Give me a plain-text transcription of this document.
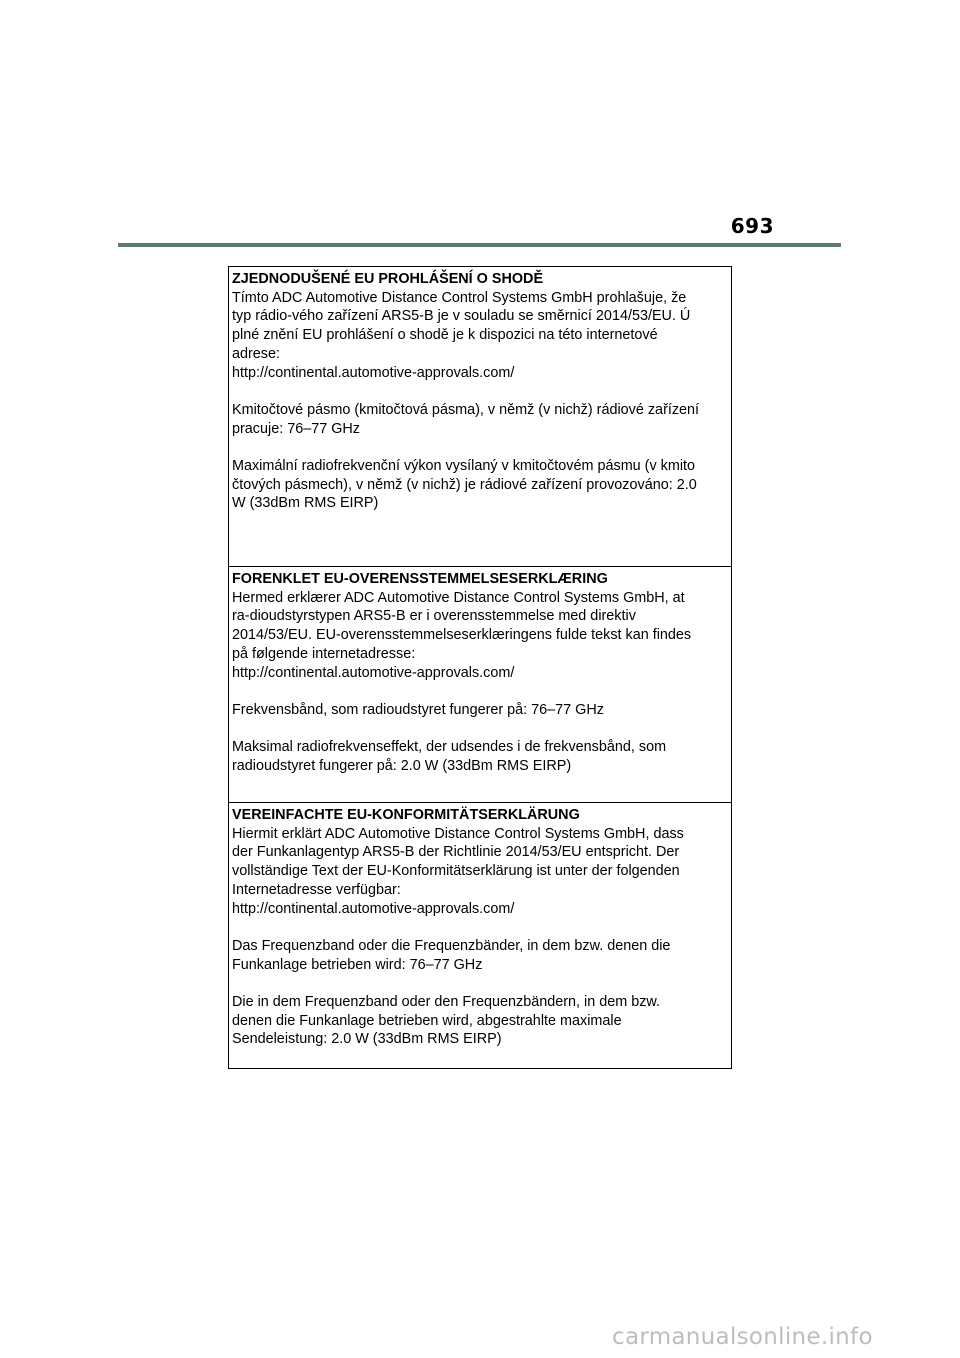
693
ZJEDNODUŠENÉ EU PROHLÁŠENÍ O SHODĚ
Tímto ADC Automotive Distance Control Systems GmbH prohlašuje, že
typ rádio-vého zařízení ARS5-B je v souladu se směrnicí 2014/53/EU. Ú
plné znění EU prohlášení o shodě je k dispozici na této internetové
adrese:
http://continental.automotive-approvals.com/
Kmitočtové pásmo (kmitočtová pásma), v němž (v nichž) rádiové zařízení
pracuje: 76–77 GHz
Maximální radiofrekvenční výkon vysílaný v kmitočtovém pásmu (v kmito
čtových pásmech), v němž (v nichž) je rádiové zařízení provozováno: 2.0
W (33dBm RMS EIRP)
FORENKLET EU-OVERENSSTEMMELSESERKLÆRING
Hermed erklærer ADC Automotive Distance Control Systems GmbH, at
ra-dioudstyrstypen ARS5-B er i overensstemmelse med direktiv
2014/53/EU. EU-overensstemmelseserklæringens fulde tekst kan findes
på følgende internetadresse:
http://continental.automotive-approvals.com/
Frekvensbånd, som radioudstyret fungerer på: 76–77 GHz
Maksimal radiofrekvenseffekt, der udsendes i de frekvensbånd, som
radioudstyret fungerer på: 2.0 W (33dBm RMS EIRP)
VEREINFACHTE EU-KONFORMITÄTSERKLÄRUNG
Hiermit erklärt ADC Automotive Distance Control Systems GmbH, dass
der Funkanlagentyp ARS5-B der Richtlinie 2014/53/EU entspricht. Der
vollständige Text der EU-Konformitätserklärung ist unter der folgenden
Internetadresse verfügbar:
http://continental.automotive-approvals.com/
Das Frequenzband oder die Frequenzbänder, in dem bzw. denen die
Funkanlage betrieben wird: 76–77 GHz
Die in dem Frequenzband oder den Frequenzbändern, in dem bzw.
denen die Funkanlage betrieben wird, abgestrahlte maximale
Sendeleistung: 2.0 W (33dBm RMS EIRP)
carmanualsonline.info
